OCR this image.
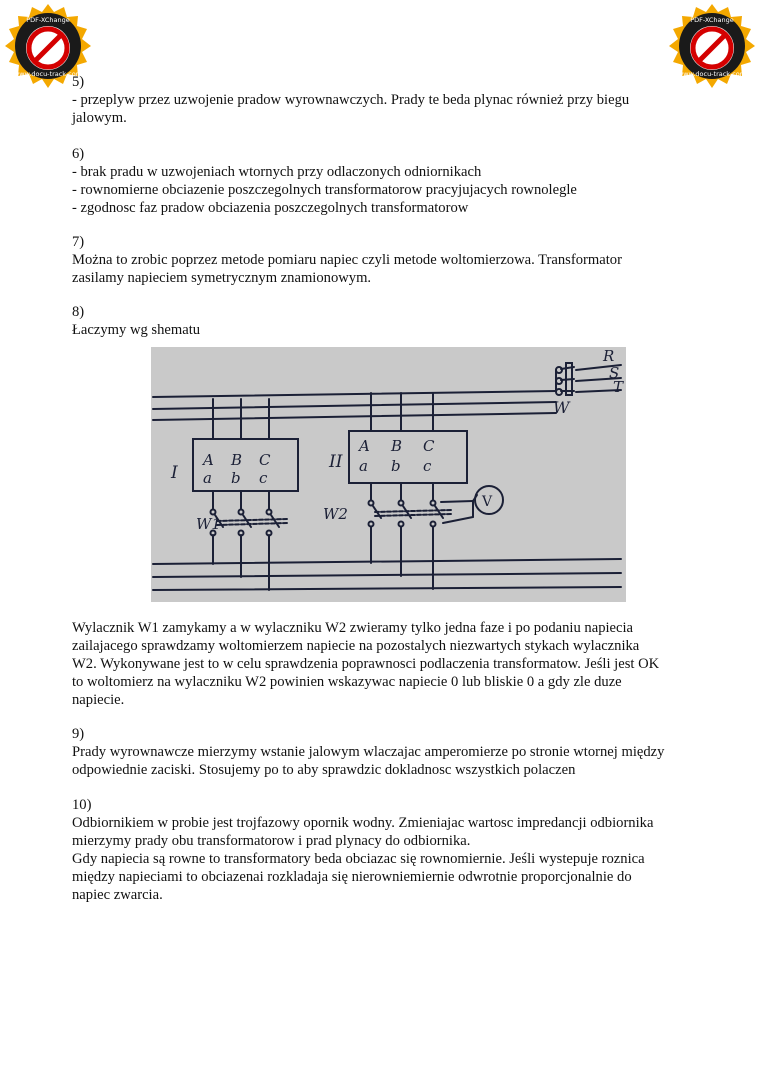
PDF-XChange
www.docu-track.com
PDF-XChange
www.docu-track.com

5)

- przeplyw przez uzwojenie pradow wyrownawczych. Prady te beda plynac również przy biegu

jalowym.

6)

- brak pradu w uzwojeniach wtornych przy odlaczonych odniornikach

- rownomierne obciazenie poszczegolnych transformatorow pracyjujacych rownolegle

- zgodnosc faz pradow obciazenia poszczegolnych transformatorow

7)

Można to zrobic poprzez metode pomiaru napiec czyli metode woltomierzowa. Transformator

zasilamy napieciem symetrycznym znamionowym.

8)

Łaczymy wg shematu

R
S
T
W
I
A B C
a b c
W1
II
A B C
a b c
W2
V

Wylacznik W1 zamykamy a w wylaczniku W2 zwieramy tylko jedna faze i po podaniu napiecia

zailajacego sprawdzamy woltomierzem napiecie na pozostalych niezwartych stykach wylacznika

W2. Wykonywane jest to w celu sprawdzenia poprawnosci podlaczenia transformatow. Jeśli jest OK

to woltomierz na wylaczniku W2 powinien wskazywac napiecie 0 lub bliskie 0 a gdy zle duze

napiecie.

9)

Prady wyrownawcze mierzymy wstanie jalowym wlaczajac amperomierze po stronie wtornej między

odpowiednie zaciski. Stosujemy po to aby sprawdzic dokladnosc wszystkich polaczen

10)

Odbiornikiem w probie jest trojfazowy opornik wodny. Zmieniajac wartosc impredancji odbiornika

mierzymy prady obu transformatorow i prad plynacy do odbiornika.

Gdy napiecia są rowne to transformatory beda obciazac się rownomiernie. Jeśli wystepuje roznica

między napieciami to obciazenai rozkladaja się nierowniemiernie odwrotnie proporcjonalnie do

napiec zwarcia.
